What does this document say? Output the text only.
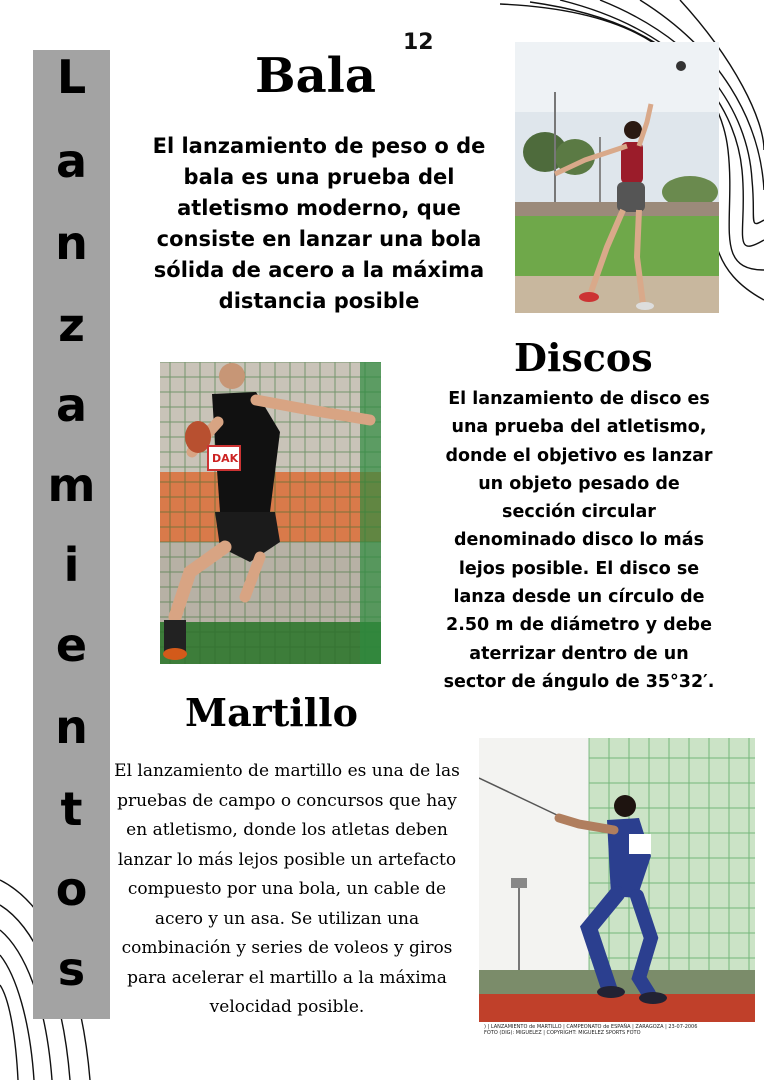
12
L
a
n
z
a
m
i
e
n
t
o
s
Bala
El lanzamiento de peso o de bala es una prueba del atletismo moderno, que consiste en lanzar una bola sólida de acero a la máxima distancia posible
DAK
Discos
El lanzamiento de disco es una prueba del atletismo, donde el objetivo es lanzar un objeto pesado de sección circular denominado disco lo más lejos posible. El disco se lanza desde un círculo de 2.50 m de diámetro y debe aterrizar dentro de un sector de ángulo de 35°32′.
Martillo
El lanzamiento de martillo es una de las pruebas de campo o concursos que hay en atletismo, donde los atletas deben lanzar lo más lejos posible un artefacto compuesto por una bola, un cable de acero y un asa. Se utilizan una combinación y series de voleos y giros para acelerar el martillo a la máxima velocidad posible.
) | LANZAMIENTO de MARTILLO | CAMPEONATO de ESPAÑA | ZARAGOZA | 23-07-2006
FOTO (DIG): MIGUELEZ | COPYRIGHT: MIGUELEZ SPORTS FOTO
